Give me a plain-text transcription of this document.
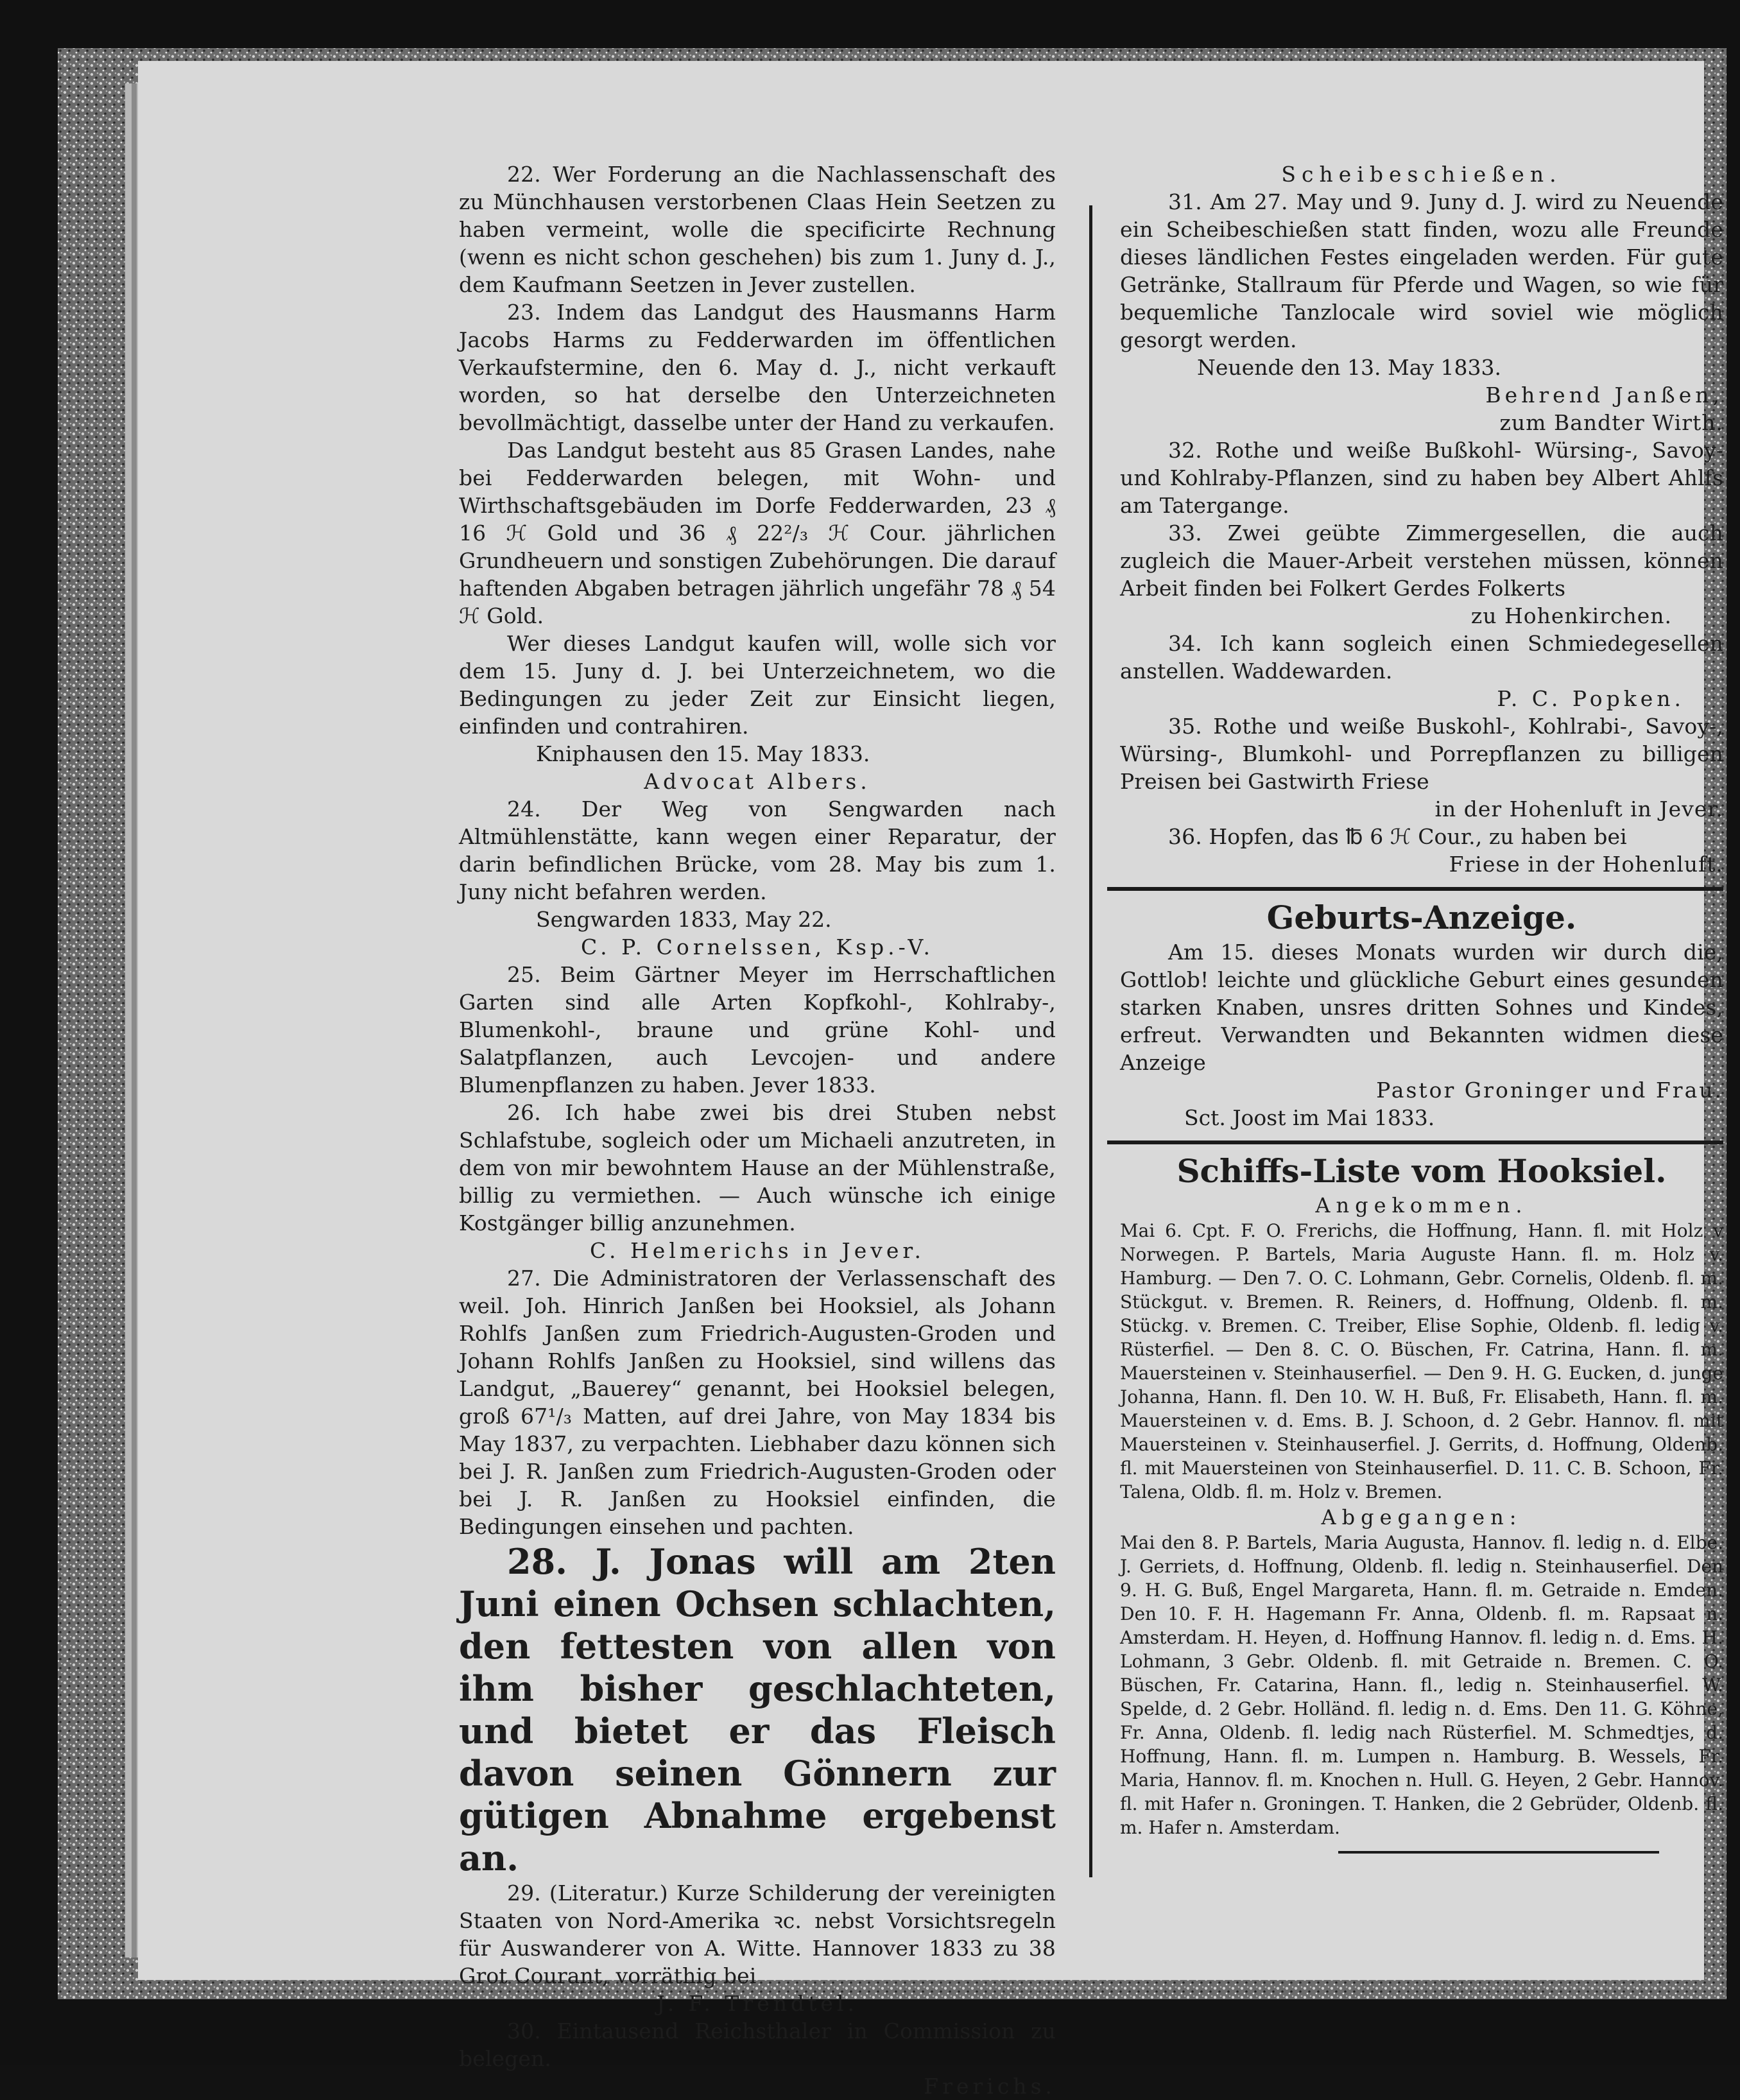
22. Wer Forderung an die Nachlassenschaft des zu Münchhausen verstorbenen Claas Hein Seetzen zu haben vermeint, wolle die specificirte Rechnung (wenn es nicht schon geschehen) bis zum 1. Juny d. J., dem Kaufmann Seetzen in Jever zustellen.

23. Indem das Landgut des Hausmanns Harm Jacobs Harms zu Fedderwarden im öffentlichen Verkaufstermine, den 6. May d. J., nicht verkauft worden, so hat derselbe den Unterzeichneten bevollmächtigt, dasselbe unter der Hand zu verkaufen.

Das Landgut besteht aus 85 Grasen Landes, nahe bei Fedderwarden belegen, mit Wohn- und Wirthschaftsgebäuden im Dorfe Fedderwarden, 23 ₰ 16 ℋ Gold und 36 ₰ 22²/₃ ℋ Cour. jährlichen Grundheuern und sonstigen Zubehörungen. Die darauf haftenden Abgaben betragen jährlich ungefähr 78 ₰ 54 ℋ Gold.

Wer dieses Landgut kaufen will, wolle sich vor dem 15. Juny d. J. bei Unterzeichnetem, wo die Bedingungen zu jeder Zeit zur Einsicht liegen, einfinden und contrahiren.

Kniphausen den 15. May 1833.

Advocat Albers.

24. Der Weg von Sengwarden nach Altmühlenstätte, kann wegen einer Reparatur, der darin befindlichen Brücke, vom 28. May bis zum 1. Juny nicht befahren werden.

Sengwarden 1833, May 22.

C. P. Cornelssen, Ksp.-V.

25. Beim Gärtner Meyer im Herrschaftlichen Garten sind alle Arten Kopfkohl-, Kohlraby-, Blumenkohl-, braune und grüne Kohl- und Salatpflanzen, auch Levcojen- und andere Blumenpflanzen zu haben. Jever 1833.

26. Ich habe zwei bis drei Stuben nebst Schlafstube, sogleich oder um Michaeli anzutreten, in dem von mir bewohntem Hause an der Mühlenstraße, billig zu vermiethen. — Auch wünsche ich einige Kostgänger billig anzunehmen.

C. Helmerichs in Jever.

27. Die Administratoren der Verlassenschaft des weil. Joh. Hinrich Janßen bei Hooksiel, als Johann Rohlfs Janßen zum Friedrich-Augusten-Groden und Johann Rohlfs Janßen zu Hooksiel, sind willens das Landgut, „Bauerey“ genannt, bei Hooksiel belegen, groß 67¹/₃ Matten, auf drei Jahre, von May 1834 bis May 1837, zu verpachten. Liebhaber dazu können sich bei J. R. Janßen zum Friedrich-Augusten-Groden oder bei J. R. Janßen zu Hooksiel einfinden, die Bedingungen einsehen und pachten.

28. J. Jonas will am 2ten Juni einen Ochsen schlachten, den fettesten von allen von ihm bisher geschlachteten, und bietet er das Fleisch davon seinen Gönnern zur gütigen Abnahme ergebenst an.

29. (Literatur.) Kurze Schilderung der vereinigten Staaten von Nord-Amerika ꝛc. nebst Vorsichtsregeln für Auswanderer von A. Witte. Hannover 1833 zu 38 Grot Courant, vorräthig bei

J. F. Trendtel.

30. Eintausend Reichsthaler in Commission zu belegen.

Frerichs.

Scheibeschießen.

31. Am 27. May und 9. Juny d. J. wird zu Neuende ein Scheibeschießen statt finden, wozu alle Freunde dieses ländlichen Festes eingeladen werden. Für gute Getränke, Stallraum für Pferde und Wagen, so wie für bequemliche Tanzlocale wird soviel wie möglich gesorgt werden.

Neuende den 13. May 1833.

Behrend Janßen,

zum Bandter Wirth.

32. Rothe und weiße Bußkohl- Würsing-, Savoy- und Kohlraby-Pflanzen, sind zu haben bey Albert Ahlfs am Tatergange.

33. Zwei geübte Zimmergesellen, die auch zugleich die Mauer-Arbeit verstehen müssen, können Arbeit finden bei Folkert Gerdes Folkerts

zu Hohenkirchen.

34. Ich kann sogleich einen Schmiedegesellen anstellen. Waddewarden.

P. C. Popken.

35. Rothe und weiße Buskohl-, Kohlrabi-, Savoy-, Würsing-, Blumkohl- und Porrepflanzen zu billigen Preisen bei Gastwirth Friese

in der Hohenluft in Jever.

36. Hopfen, das ℔ 6 ℋ Cour., zu haben bei

Friese in der Hohenluft.

Geburts-Anzeige.

Am 15. dieses Monats wurden wir durch die, Gottlob! leichte und glückliche Geburt eines gesunden starken Knaben, unsres dritten Sohnes und Kindes, erfreut. Verwandten und Bekannten widmen diese Anzeige

Pastor Groninger und Frau.

Sct. Joost im Mai 1833.

Schiffs-Liste vom Hooksiel.

Angekommen.

Mai 6. Cpt. F. O. Frerichs, die Hoffnung, Hann. fl. mit Holz v Norwegen. P. Bartels, Maria Auguste Hann. fl. m. Holz v. Hamburg. — Den 7. O. C. Lohmann, Gebr. Cornelis, Oldenb. fl. m. Stückgut. v. Bremen. R. Reiners, d. Hoffnung, Oldenb. fl. m. Stückg. v. Bremen. C. Treiber, Elise Sophie, Oldenb. fl. ledig v. Rüsterfiel. — Den 8. C. O. Büschen, Fr. Catrina, Hann. fl. m. Mauersteinen v. Steinhauserfiel. — Den 9. H. G. Eucken, d. junge Johanna, Hann. fl. Den 10. W. H. Buß, Fr. Elisabeth, Hann. fl. m. Mauersteinen v. d. Ems. B. J. Schoon, d. 2 Gebr. Hannov. fl. mit Mauersteinen v. Steinhauserfiel. J. Gerrits, d. Hoffnung, Oldenb. fl. mit Mauersteinen von Steinhauserfiel. D. 11. C. B. Schoon, Fr. Talena, Oldb. fl. m. Holz v. Bremen.

Abgegangen:

Mai den 8. P. Bartels, Maria Augusta, Hannov. fl. ledig n. d. Elbe. J. Gerriets, d. Hoffnung, Oldenb. fl. ledig n. Steinhauserfiel. Den 9. H. G. Buß, Engel Margareta, Hann. fl. m. Getraide n. Emden. Den 10. F. H. Hagemann Fr. Anna, Oldenb. fl. m. Rapsaat n. Amsterdam. H. Heyen, d. Hoffnung Hannov. fl. ledig n. d. Ems. H. Lohmann, 3 Gebr. Oldenb. fl. mit Getraide n. Bremen. C. O. Büschen, Fr. Catarina, Hann. fl., ledig n. Steinhauserfiel. W. Spelde, d. 2 Gebr. Holländ. fl. ledig n. d. Ems. Den 11. G. Köhne, Fr. Anna, Oldenb. fl. ledig nach Rüsterfiel. M. Schmedtjes, d. Hoffnung, Hann. fl. m. Lumpen n. Hamburg. B. Wessels, Fr. Maria, Hannov. fl. m. Knochen n. Hull. G. Heyen, 2 Gebr. Hannov. fl. mit Hafer n. Groningen. T. Hanken, die 2 Gebrüder, Oldenb. fl. m. Hafer n. Amsterdam.
